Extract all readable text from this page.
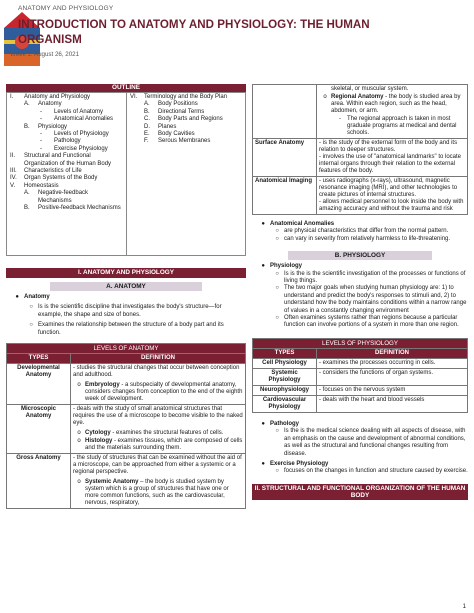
ANATOMY AND PHYSIOLOGY
INTRODUCTION TO ANATOMY AND PHYSIOLOGY: THE HUMAN
ORGANISM
Week 1: August 26, 2021
OUTLINE
I.	Anatomy and Physiology
A.	Anatomy
-	Levels of Anatomy
-	Anatomical Anomalies
B.	Physiology
-	Levels of Physiology
-	Pathology
-	Exercise Physiology
II.	Structural and Functional Organization of the Human Body
III.	Characteristics of Life
IV.	Organ Systems of the Body
V.	Homeostasis
A.	Negative-feedback Mechanisms
B.	Positive-feedback Mechanisms
VI.	Terminology and the Body Plan
A.	Body Positions
B.	Directional Terms
C.	Body Parts and Regions
D.	Planes
E.	Body Cavities
F.	Serous Membranes
I. ANATOMY AND PHYSIOLOGY
A. ANATOMY
● Anatomy
○ Is is the scientific discipline that investigates the body's structure—for example, the shape and size of bones.
○ Examines the relationship between the structure of a body part and its function.
LEVELS OF ANATOMY	
TYPES	DEFINITION
Developmental Anatomy	- studies the structural changes that occur between conception and adulthood.
o Embryology - a subspecialty of developmental anatomy, considers changes from conception to the end of the eighth week of development.

Microscopic Anatomy	- deals with the study of small anatomical structures that requires the use of a microscope to become visible to the naked eye.
o Cytology - examines the structural features of cells.
o Histology - examines tissues, which are composed of cells and the materials surrounding them.

Gross Anatomy	- the study of structures that can be examined without the aid of a microscope, can be approached from either a systemic or a regional perspective.
o Systemic Anatomy – the body is studied system by system which is a group of structures that have one or more common functions, such as the cardiovascular, nervous, respiratory,

	skeletal, or muscular system.
o Regional Anatomy - the body is studied area by area. Within each region, such as the head, abdomen, or arm.
- The regional approach is taken in most graduate programs at medical and dental schools.

Surface Anatomy	- is the study of the external form of the body and its relation to deeper structures.
- involves the use of "anatomical landmarks" to locate internal organs through their relation to the external features of the body.

Anatomical Imaging	- uses radiographs (x-rays), ultrasound, magnetic resonance imaging (MRI), and other technologies to create pictures of internal structures.
- allows medical personnel to look inside the body with amazing accuracy and without the trauma and risk
● Anatomical Anomalies
○ are physical characteristics that differ from the normal pattern.
○ can vary in severity from relatively harmless to life-threatening.
B. PHYSIOLOGY
● Physiology
○ Is is the is the scientific investigation of the processes or functions of living things.
○ The two major goals when studying human physiology are: 1) to understand and predict the body's responses to stimuli and, 2) to understand how the body maintains conditions within a narrow range of values in a constantly changing environment
○ Often examines systems rather than regions because a particular function can involve portions of a system in more than one region.
LEVELS OF PHYSIOLOGY	
TYPES	DEFINITION
Cell Physiology	- examines the processes occurring in cells.
Systemic Physiology	- considers the functions of organ systems.
Neurophysiology	- focuses on the nervous system
Cardiovascular Physiology	- deals with the heart and blood vessels
● Pathology
○ Is the is the medical science dealing with all aspects of disease, with an emphasis on the cause and development of abnormal conditions, as well as the structural and functional changes resulting from disease.
● Exercise Physiology
○ focuses on the changes in function and structure caused by exercise.
II. STRUCTURAL AND FUNCTIONAL ORGANIZATION OF THE HUMAN BODY
1
